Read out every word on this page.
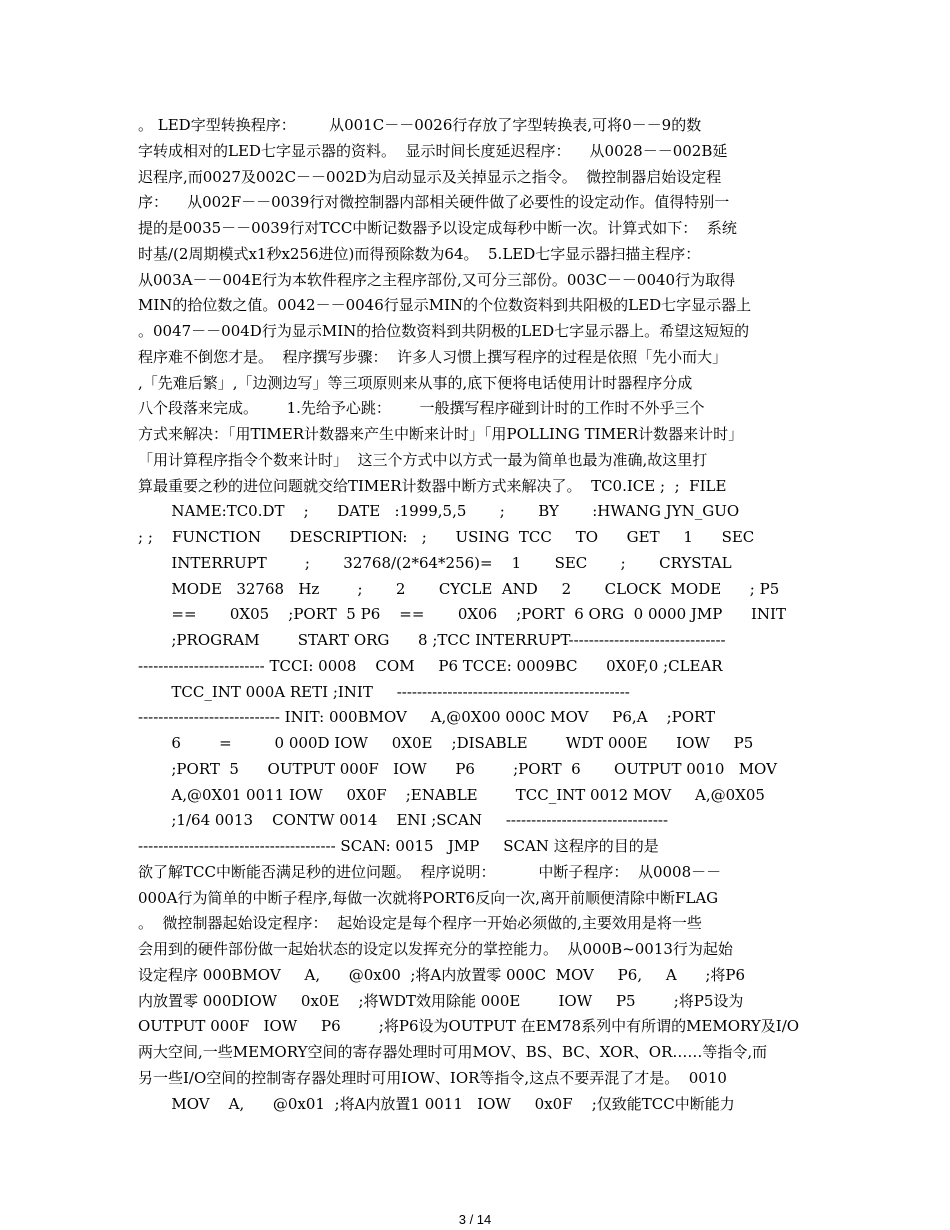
。 LED字型转换程序：       从001C－－0026行存放了字型转换表,可将0－－9的数
字转成相对的LED七字显示器的资料。  显示时间长度延迟程序：    从0028－－002B延
迟程序,而0027及002C－－002D为启动显示及关掉显示之指令。  微控制器启始设定程
序：    从002F－－0039行对微控制器内部相关硬件做了必要性的设定动作。值得特别一
提的是0035－－0039行对TCC中断记数器予以设定成每秒中断一次。计算式如下：  系统
时基/(2周期模式x1秒x256进位)而得预除数为64。  5.LED七字显示器扫描主程序：
从003A－－004E行为本软件程序之主程序部份,又可分三部份。003C－－0040行为取得
MIN的拾位数之值。0042－－0046行显示MIN的个位数资料到共阳极的LED七字显示器上
。0047－－004D行为显示MIN的拾位数资料到共阴极的LED七字显示器上。希望这短短的
程序难不倒您才是。  程序撰写步骤：  许多人习惯上撰写程序的过程是依照「先小而大」
,「先难后繁」,「边测边写」等三项原则来从事的,底下便将电话使用计时器程序分成
八个段落来完成。      1.先给予心跳：      一般撰写程序碰到计时的工作时不外乎三个
方式来解决：「用TIMER计数器来产生中断来计时」「用POLLING TIMER计数器来计时」
「用计算程序指令个数来计时」  这三个方式中以方式一最为简单也最为准确,故这里打
算最重要之秒的进位问题就交给TIMER计数器中断方式来解决了。  TC0.ICE ;  ;  FILE
NAME:TC0.DT    ;      DATE   :1999,5,5       ;       BY       :HWANG JYN_GUO
; ;    FUNCTION      DESCRIPTION:   ;      USING  TCC     TO      GET     1      SEC
INTERRUPT        ;       32768/(2*64*256)=    1       SEC       ;       CRYSTAL
MODE   32768   Hz        ;       2       CYCLE  AND     2       CLOCK  MODE      ; P5
==       0X05    ;PORT  5 P6    ==       0X06    ;PORT  6 ORG  0 0000 JMP      INIT
;PROGRAM        START ORG      8 ;TCC INTERRUPT-------------------------------
------------------------- TCCI: 0008    COM     P6 TCCE: 0009BC      0X0F,0 ;CLEAR
TCC_INT 000A RETI ;INIT     ----------------------------------------------
---------------------------- INIT: 000BMOV     A,@0X00 000C MOV     P6,A    ;PORT
6        =         0 000D IOW     0X0E    ;DISABLE        WDT 000E      IOW     P5
;PORT  5      OUTPUT 000F   IOW      P6        ;PORT  6       OUTPUT 0010   MOV
A,@0X01 0011 IOW     0X0F    ;ENABLE        TCC_INT 0012 MOV     A,@0X05
;1/64 0013    CONTW 0014    ENI ;SCAN     --------------------------------
--------------------------------------- SCAN: 0015   JMP     SCAN 这程序的目的是
欲了解TCC中断能否满足秒的进位问题。  程序说明：         中断子程序：  从0008－－
000A行为简单的中断子程序,每做一次就将PORT6反向一次,离开前顺便清除中断FLAG
。  微控制器起始设定程序：  起始设定是每个程序一开始必须做的,主要效用是将一些
会用到的硬件部份做一起始状态的设定以发挥充分的掌控能力。  从000B~0013行为起始
设定程序 000BMOV     A,      @0x00  ;将A内放置零 000C  MOV     P6,     A      ;将P6
内放置零 000DIOW     0x0E    ;将WDT效用除能 000E        IOW     P5        ;将P5设为
OUTPUT 000F   IOW     P6        ;将P6设为OUTPUT 在EM78系列中有所谓的MEMORY及I/O
两大空间,一些MEMORY空间的寄存器处理时可用MOV、BS、BC、XOR、OR……等指令,而
另一些I/O空间的控制寄存器处理时可用IOW、IOR等指令,这点不要弄混了才是。  0010
MOV    A,      @0x01  ;将A内放置1 0011   IOW     0x0F    ;仅致能TCC中断能力
3 / 14
